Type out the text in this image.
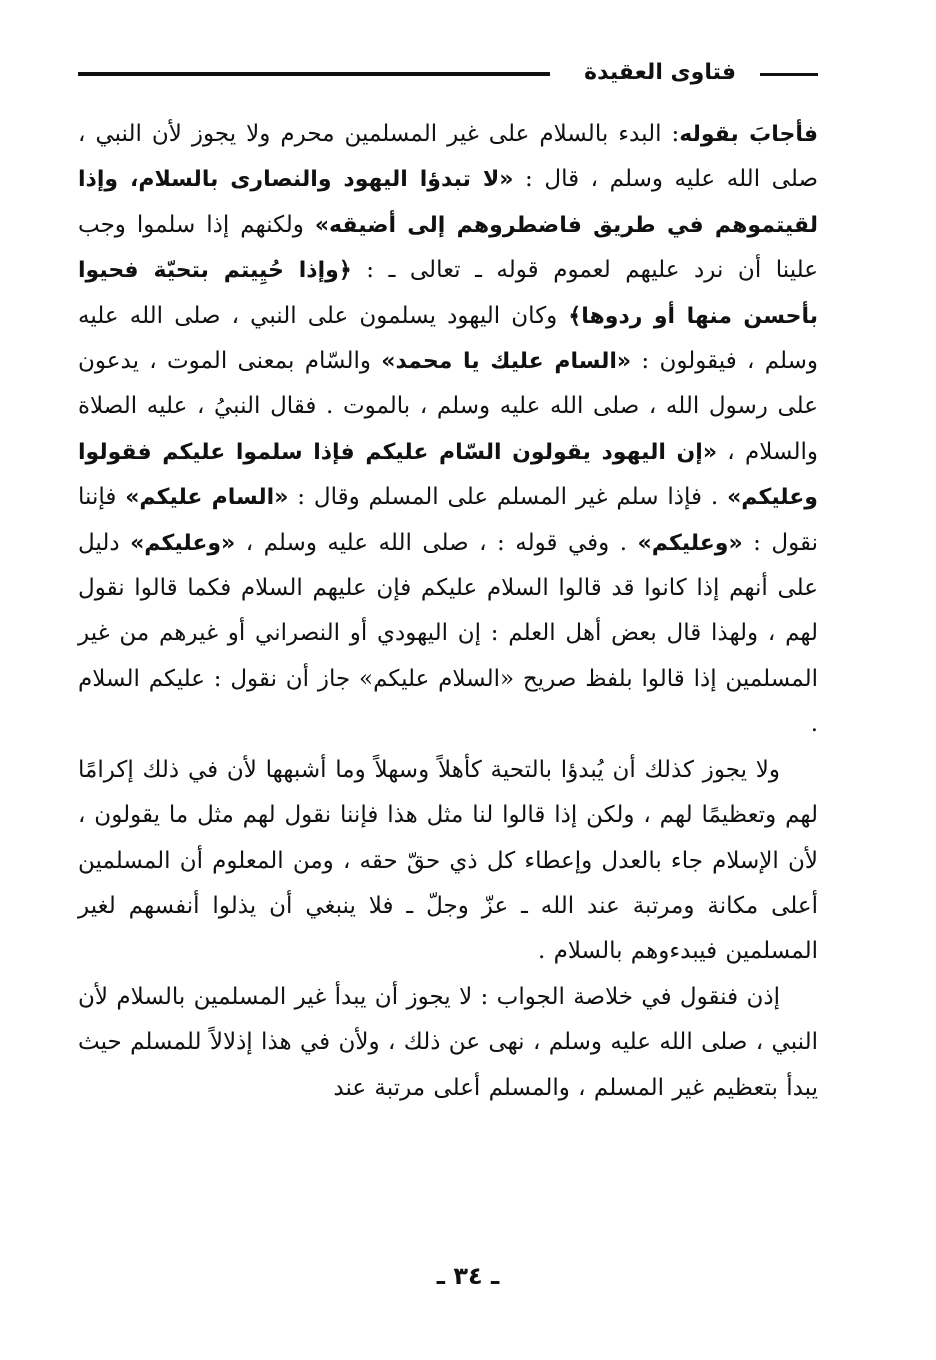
فتاوى العقيدة

فأجابَ بقوله: البدء بالسلام على غير المسلمين محرم ولا يجوز لأن النبي ، صلى الله عليه وسلم ، قال : «لا تبدؤا اليهود والنصارى بالسلام، وإذا لقيتموهم في طريق فاضطروهم إلى أضيقه» ولكنهم إذا سلموا وجب علينا أن نرد عليهم لعموم قوله ـ تعالى ـ : ﴿وإذا حُيِيتم بتحيّة فحيوا بأحسن منها أو ردوها﴾ وكان اليهود يسلمون على النبي ، صلى الله عليه وسلم ، فيقولون : «السام عليك يا محمد» والسّام بمعنى الموت ، يدعون على رسول الله ، صلى الله عليه وسلم ، بالموت . فقال النبيُ ، عليه الصلاة والسلام ، «إن اليهود يقولون السّام عليكم فإذا سلموا عليكم فقولوا وعليكم» . فإذا سلم غير المسلم على المسلم وقال : «السام عليكم» فإننا نقول : «وعليكم» . وفي قوله : ، صلى الله عليه وسلم ، «وعليكم» دليل على أنهم إذا كانوا قد قالوا السلام عليكم فإن عليهم السلام فكما قالوا نقول لهم ، ولهذا قال بعض أهل العلم : إن اليهودي أو النصراني أو غيرهم من غير المسلمين إذا قالوا بلفظ صريح «السلام عليكم» جاز أن نقول : عليكم السلام .

ولا يجوز كذلك أن يُبدؤا بالتحية كأهلاً وسهلاً وما أشبهها لأن في ذلك إكرامًا لهم وتعظيمًا لهم ، ولكن إذا قالوا لنا مثل هذا فإننا نقول لهم مثل ما يقولون ، لأن الإسلام جاء بالعدل وإعطاء كل ذي حقّ حقه ، ومن المعلوم أن المسلمين أعلى مكانة ومرتبة عند الله ـ عزّ وجلّ ـ فلا ينبغي أن يذلوا أنفسهم لغير المسلمين فيبدءوهم بالسلام .

إذن فنقول في خلاصة الجواب : لا يجوز أن يبدأ غير المسلمين بالسلام لأن النبي ، صلى الله عليه وسلم ، نهى عن ذلك ، ولأن في هذا إذلالاً للمسلم حيث يبدأ بتعظيم غير المسلم ، والمسلم أعلى مرتبة عند

ـ ٣٤ ـ
